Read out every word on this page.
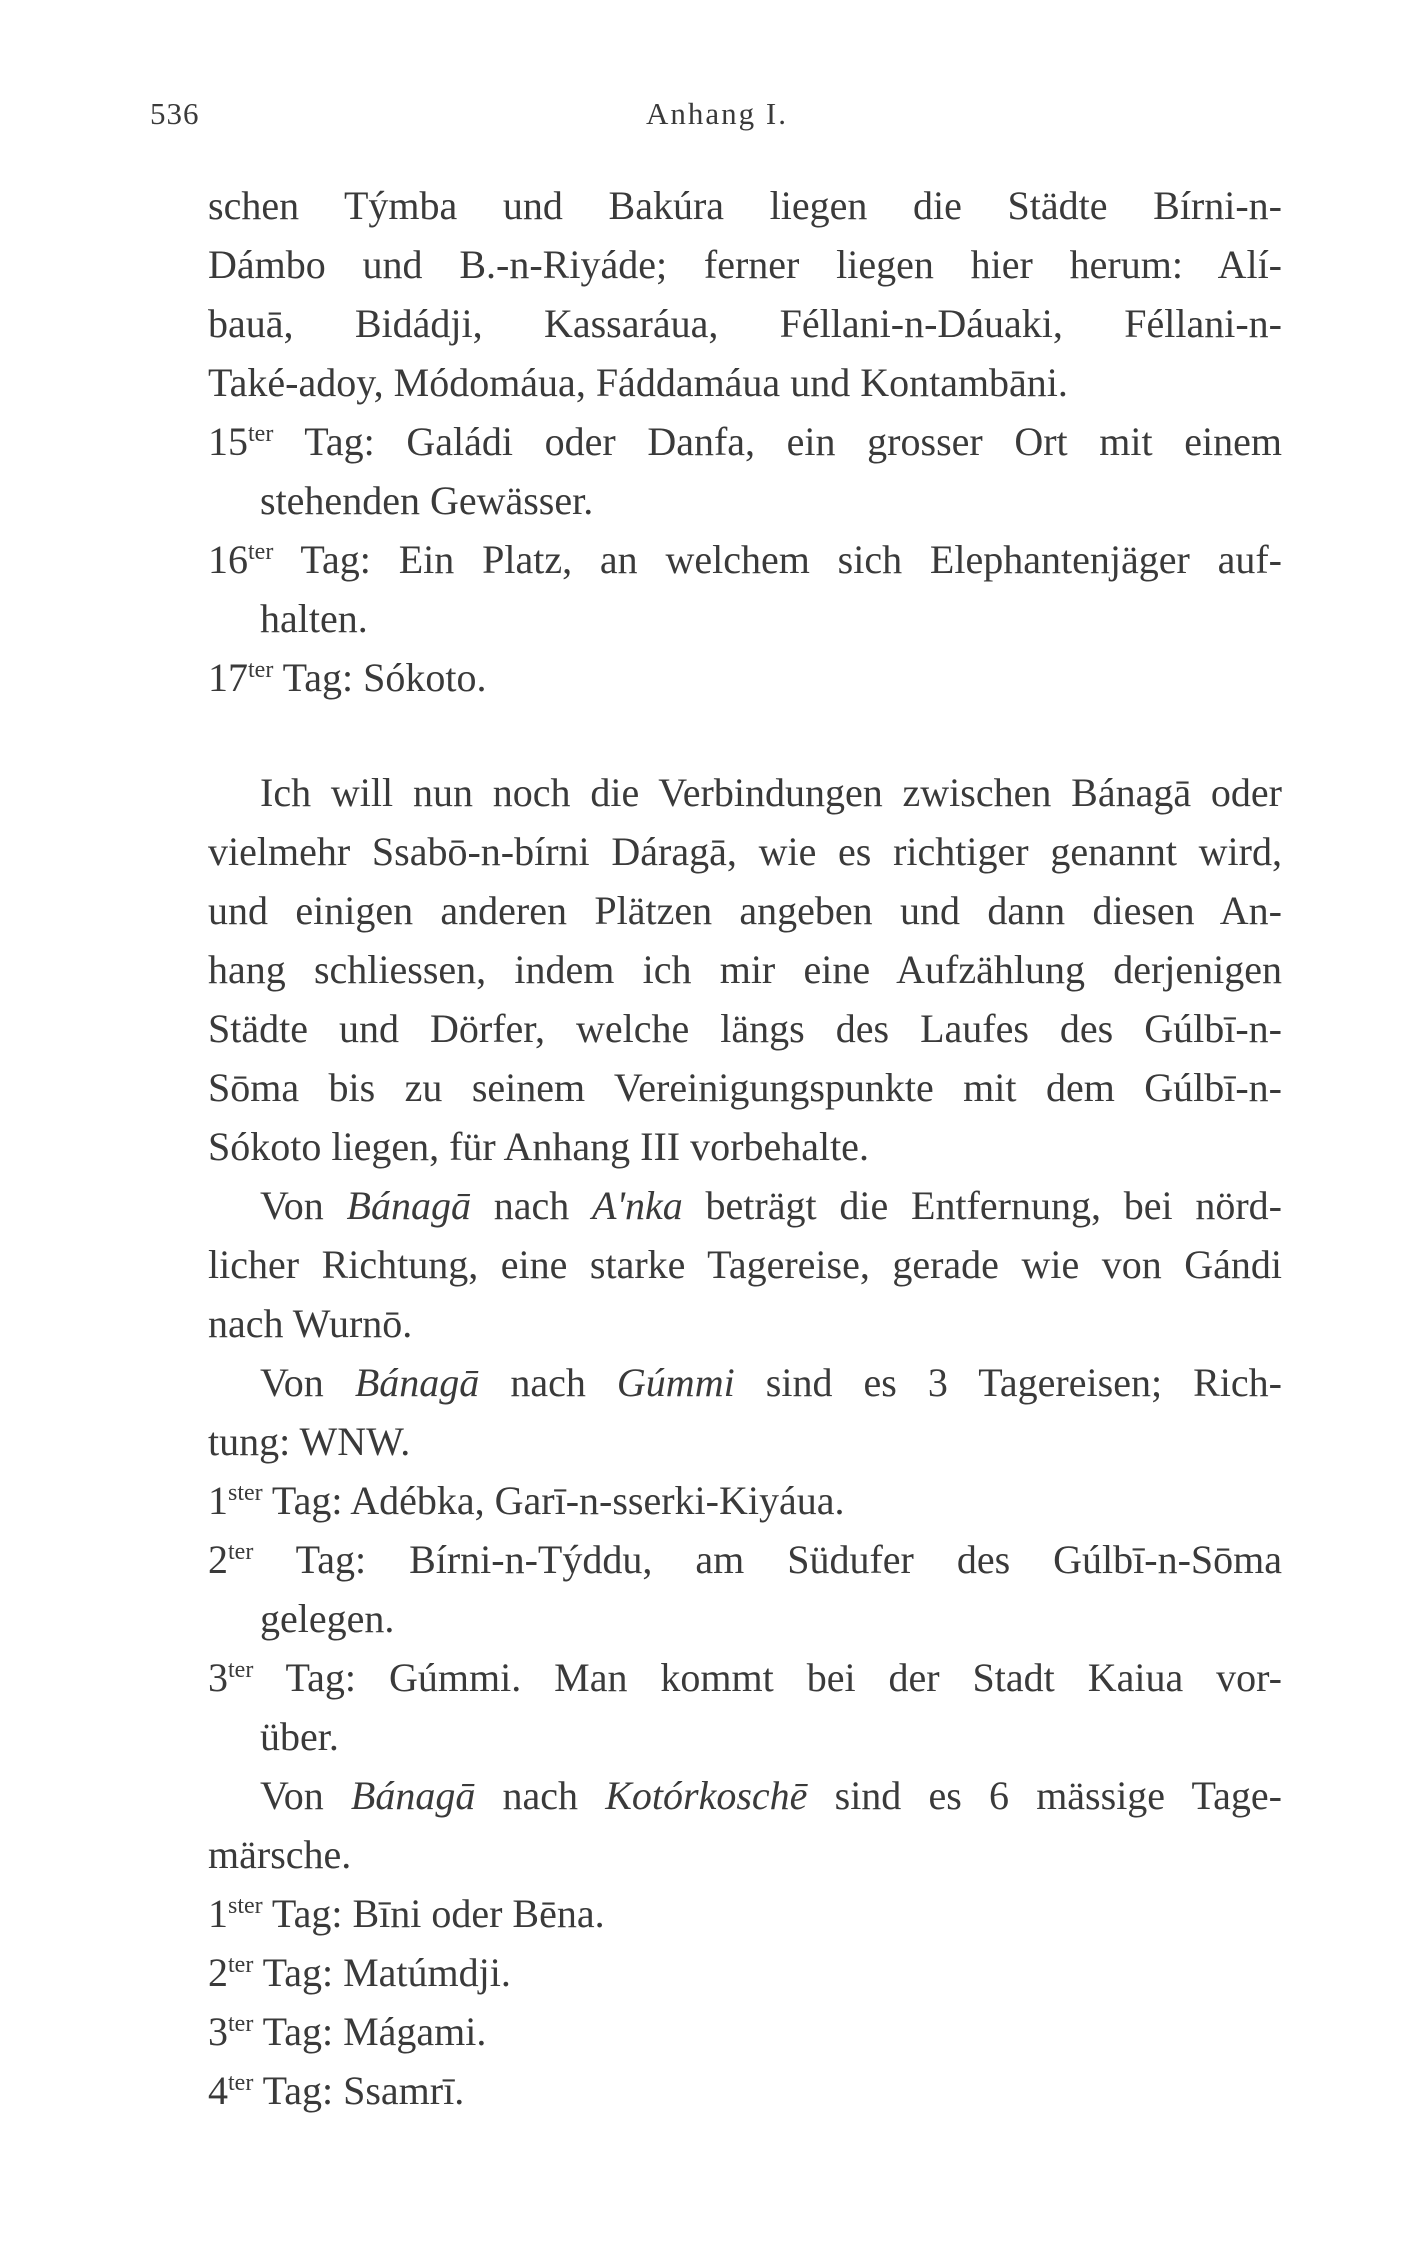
536	Anhang I.
schen Týmba und Bakúra liegen die Städte Bírni-n-
Dámbo und B.-n-Riyáde; ferner liegen hier herum: Alí-
bauā, Bidádji, Kassaráua, Féllani-n-Dáuaki, Féllani-n-
Také-adoy, Módomáua, Fáddamáua und Kontambāni.
$15^{ter}$ Tag: Galádi oder Danfa, ein grosser Ort mit einem
stehenden Gewässer.
$16^{ter}$ Tag: Ein Platz, an welchem sich Elephantenjäger auf-
halten.
$17^{ter}$ Tag: Sókoto.
Ich will nun noch die Verbindungen zwischen Bánagā oder
vielmehr Ssabō-n-bírni Dáragā, wie es richtiger genannt wird,
und einigen anderen Plätzen angeben und dann diesen An-
hang schliessen, indem ich mir eine Aufzählung derjenigen
Städte und Dörfer, welche längs des Laufes des Gúlbī-n-
Sōma bis zu seinem Vereinigungspunkte mit dem Gúlbī-n-
Sókoto liegen, für Anhang III vorbehalte.
Von Bánagā nach A'nka beträgt die Entfernung, bei nörd-
licher Richtung, eine starke Tagereise, gerade wie von Gándi
nach Wurnō.
Von Bánagā nach Gúmmi sind es 3 Tagereisen; Rich-
tung: WNW.
$1^{ster}$ Tag: Adébka, Garī-n-sserki-Kiyáua.
$2^{ter}$ Tag: Bírni-n-Týddu, am Südufer des Gúlbī-n-Sōma
gelegen.
$3^{ter}$ Tag: Gúmmi. Man kommt bei der Stadt Kaiua vor-
über.
Von Bánagā nach Kotórkoschē sind es 6 mässige Tage-
märsche.
$1^{ster}$ Tag: Bīni oder Bēna.
$2^{ter}$ Tag: Matúmdji.
$3^{ter}$ Tag: Mágami.
$4^{ter}$ Tag: Ssamrī.
